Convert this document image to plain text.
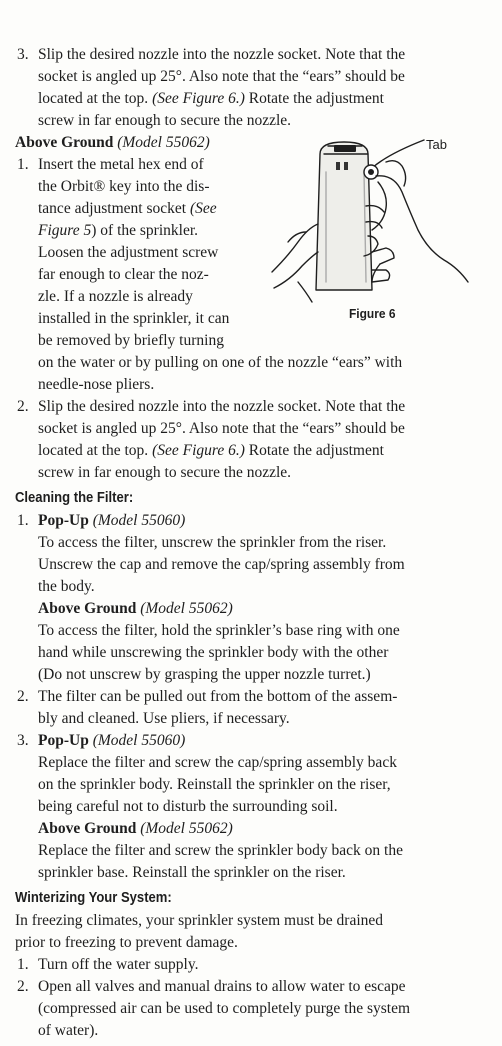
3. Slip the desired nozzle into the nozzle socket. Note that the
socket is angled up 25°. Also note that the “ears” should be
located at the top. (See Figure 6.) Rotate the adjustment
screw in far enough to secure the nozzle.
Above Ground (Model 55062)
1. Insert the metal hex end of
the Orbit® key into the dis-
tance adjustment socket (See
Figure 5) of the sprinkler.
Loosen the adjustment screw
far enough to clear the noz-
zle. If a nozzle is already
installed in the sprinkler, it can
be removed by briefly turning
on the water or by pulling on one of the nozzle “ears” with
needle-nose pliers.
Tab
Figure 6
2. Slip the desired nozzle into the nozzle socket. Note that the
socket is angled up 25°. Also note that the “ears” should be
located at the top. (See Figure 6.) Rotate the adjustment
screw in far enough to secure the nozzle.
Cleaning the Filter:
1. Pop-Up (Model 55060)
To access the filter, unscrew the sprinkler from the riser.
Unscrew the cap and remove the cap/spring assembly from
the body.
Above Ground (Model 55062)
To access the filter, hold the sprinkler’s base ring with one
hand while unscrewing the sprinkler body with the other
(Do not unscrew by grasping the upper nozzle turret.)
2. The filter can be pulled out from the bottom of the assem-
bly and cleaned. Use pliers, if necessary.
3. Pop-Up (Model 55060)
Replace the filter and screw the cap/spring assembly back
on the sprinkler body. Reinstall the sprinkler on the riser,
being careful not to disturb the surrounding soil.
Above Ground (Model 55062)
Replace the filter and screw the sprinkler body back on the
sprinkler base. Reinstall the sprinkler on the riser.
Winterizing Your System:
In freezing climates, your sprinkler system must be drained
prior to freezing to prevent damage.
1. Turn off the water supply.
2. Open all valves and manual drains to allow water to escape
(compressed air can be used to completely purge the system
of water).
